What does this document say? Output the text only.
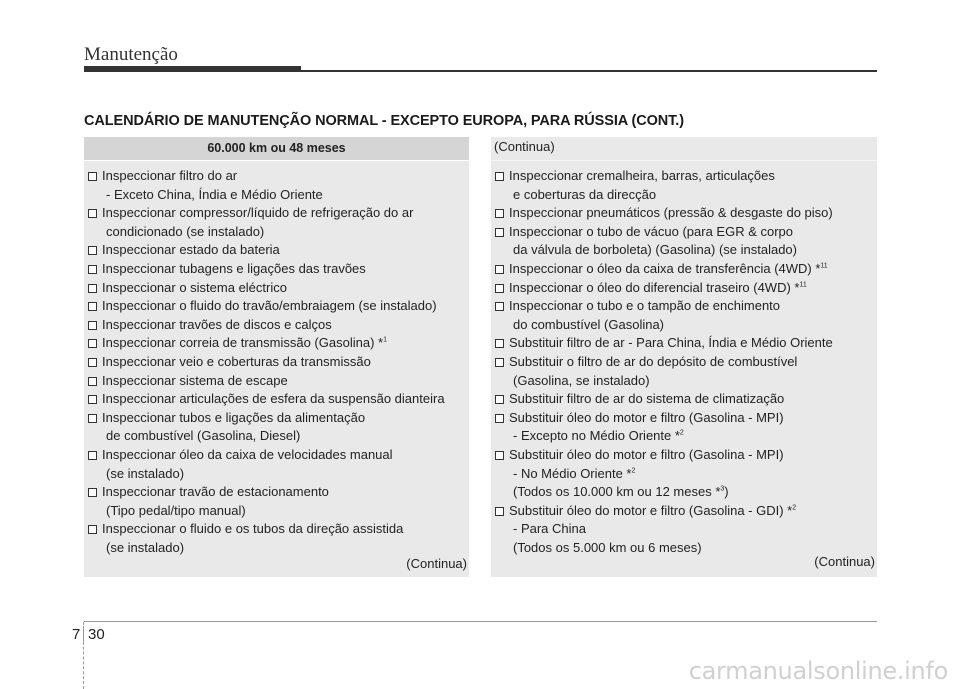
Manutenção
CALENDÁRIO DE MANUTENÇÃO NORMAL - EXCEPTO EUROPA, PARA RÚSSIA (CONT.)
60.000 km ou 48 meses
Inspeccionar filtro do ar
- Exceto China, Índia e Médio Oriente
Inspeccionar compressor/líquido de refrigeração do ar
condicionado (se instalado)
Inspeccionar estado da bateria
Inspeccionar tubagens e ligações das travões
Inspeccionar o sistema eléctrico
Inspeccionar o fluido do travão/embraiagem (se instalado)
Inspeccionar travões de discos e calços
Inspeccionar correia de transmissão (Gasolina) *$^1$
Inspeccionar veio e coberturas da transmissão
Inspeccionar sistema de escape
Inspeccionar articulações de esfera da suspensão dianteira
Inspeccionar tubos e ligações da alimentação
de combustível (Gasolina, Diesel)
Inspeccionar óleo da caixa de velocidades manual
(se instalado)
Inspeccionar travão de estacionamento
(Tipo pedal/tipo manual)
Inspeccionar o fluido e os tubos da direção assistida
(se instalado)
(Continua)
(Continua)
Inspeccionar cremalheira, barras, articulações
e coberturas da direcção
Inspeccionar pneumáticos (pressão & desgaste do piso)
Inspeccionar o tubo de vácuo (para EGR & corpo
da válvula de borboleta) (Gasolina) (se instalado)
Inspeccionar o óleo da caixa de transferência (4WD) *$^{11}$
Inspeccionar o óleo do diferencial traseiro (4WD) *$^{11}$
Inspeccionar o tubo e o tampão de enchimento
do combustível (Gasolina)
Substituir filtro de ar - Para China, Índia e Médio Oriente
Substituir o filtro de ar do depósito de combustível
(Gasolina, se instalado)
Substituir filtro de ar do sistema de climatização
Substituir óleo do motor e filtro (Gasolina - MPI)
- Excepto no Médio Oriente *$^2$
Substituir óleo do motor e filtro (Gasolina - MPI)
- No Médio Oriente *$^2$
(Todos os 10.000 km ou 12 meses *$^3$)
Substituir óleo do motor e filtro (Gasolina - GDI) *$^2$
- Para China
(Todos os 5.000 km ou 6 meses)
(Continua)
7 30
carmanualsonline.info
